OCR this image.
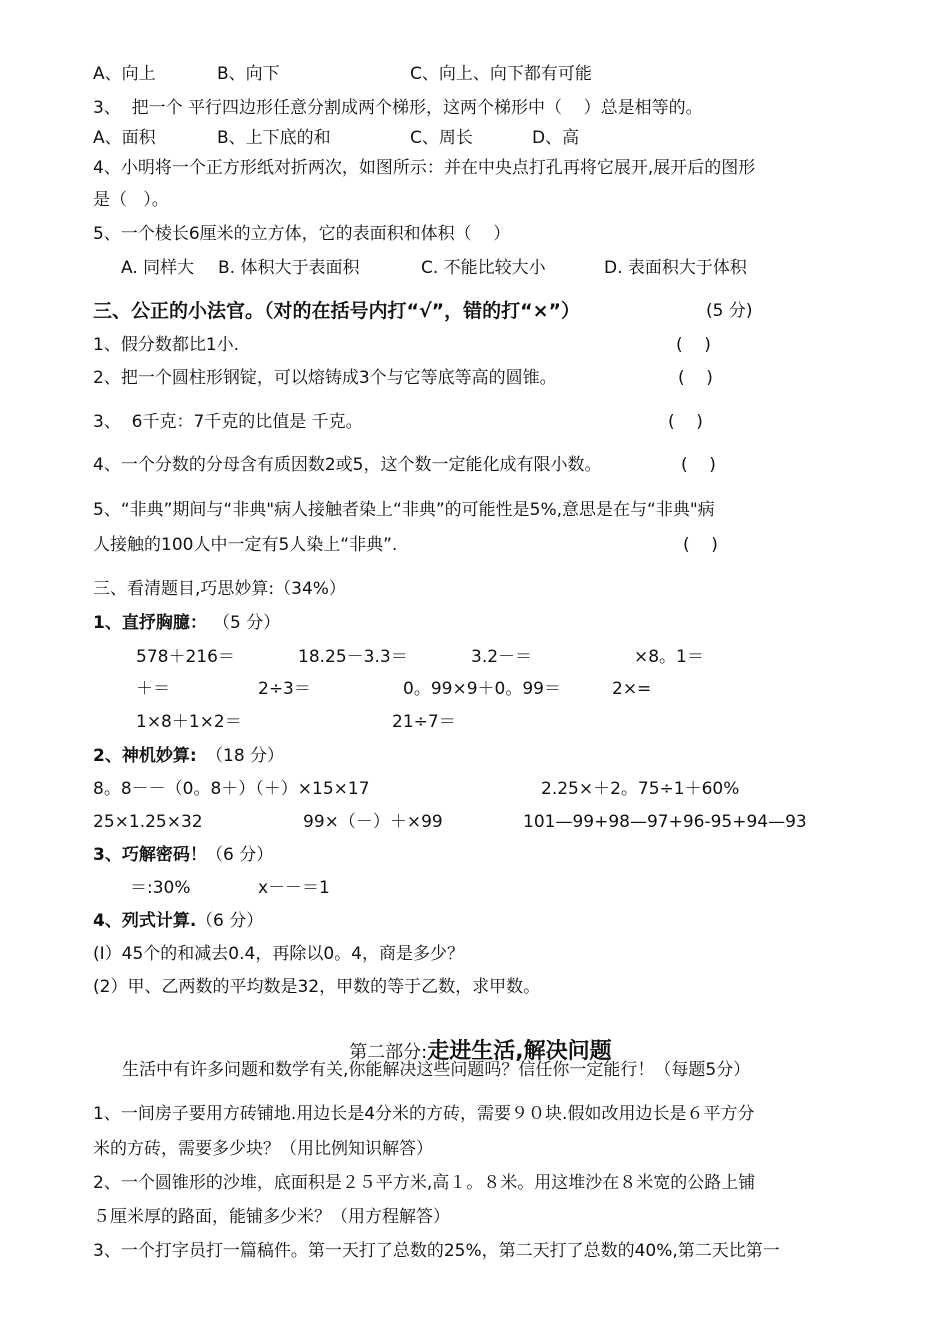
A、向上

	B、向下

	C、向上、向下都有可能

3、  把一个 平行四边形任意分割成两个梯形，这两个梯形中（    ）总是相等的。

A、面积

	B、上下底的和

	C、周长

	D、高

4、小明将一个正方形纸对折两次，如图所示：并在中央点打孔再将它展开,展开后的图形

是（   ）。

5、一个棱长6厘米的立方体，它的表面积和体积（    ）

A. 同样大

B. 体积大于表面积

	C. 不能比较大小

	D. 表面积大于体积

三、公正的小法官。（对的在括号内打“√”，错的打“×”）

	(5 分)

1、假分数都比1小.

	(    )

2、把一个圆柱形钢锭，可以熔铸成3个与它等底等高的圆锥。

	(    )

3、  6千克：7千克的比值是 千克。

	(    )

4、一个分数的分母含有质因数2或5，这个数一定能化成有限小数。

	(    )

5、“非典”期间与“非典"病人接触者染上“非典”的可能性是5%,意思是在与“非典"病

人接触的100人中一定有5人染上“非典”.

	(    )

三、看清题目,巧思妙算:（34%）

1、直抒胸臆：

（5 分）

578＋216＝

	18.25－3.3＝

	3.2－＝

	×8。1＝

＋＝

	2÷3＝

	0。99×9＋0。99＝

	2×=

1×8＋1×2＝

	21÷7＝

2、神机妙算:

（18 分）

8。8－－（0。8＋）（＋）×15×17

	2.25×＋2。75÷1＋60%

25×1.25×32

	99×（－）＋×99

	101—99+98—97+96-95+94—93

3、巧解密码！

（6 分）

＝:30%

	x－－＝1

4、列式计算.

（6 分）

(I）45个的和减去0.4，再除以0。4，商是多少？

(2）甲、乙两数的平均数是32，甲数的等于乙数，求甲数。

第二部分:走进生活,解决问题

生活中有许多问题和数学有关,你能解决这些问题吗？信任你一定能行！（每题5分）

1、一间房子要用方砖铺地.用边长是4分米的方砖，需要９０块.假如改用边长是６平方分

米的方砖，需要多少块？（用比例知识解答）

2、一个圆锥形的沙堆，底面积是２５平方米,高１。８米。用这堆沙在８米宽的公路上铺

５厘米厚的路面，能铺多少米？（用方程解答）

3、一个打字员打一篇稿件。第一天打了总数的25%，第二天打了总数的40%,第二天比第一
